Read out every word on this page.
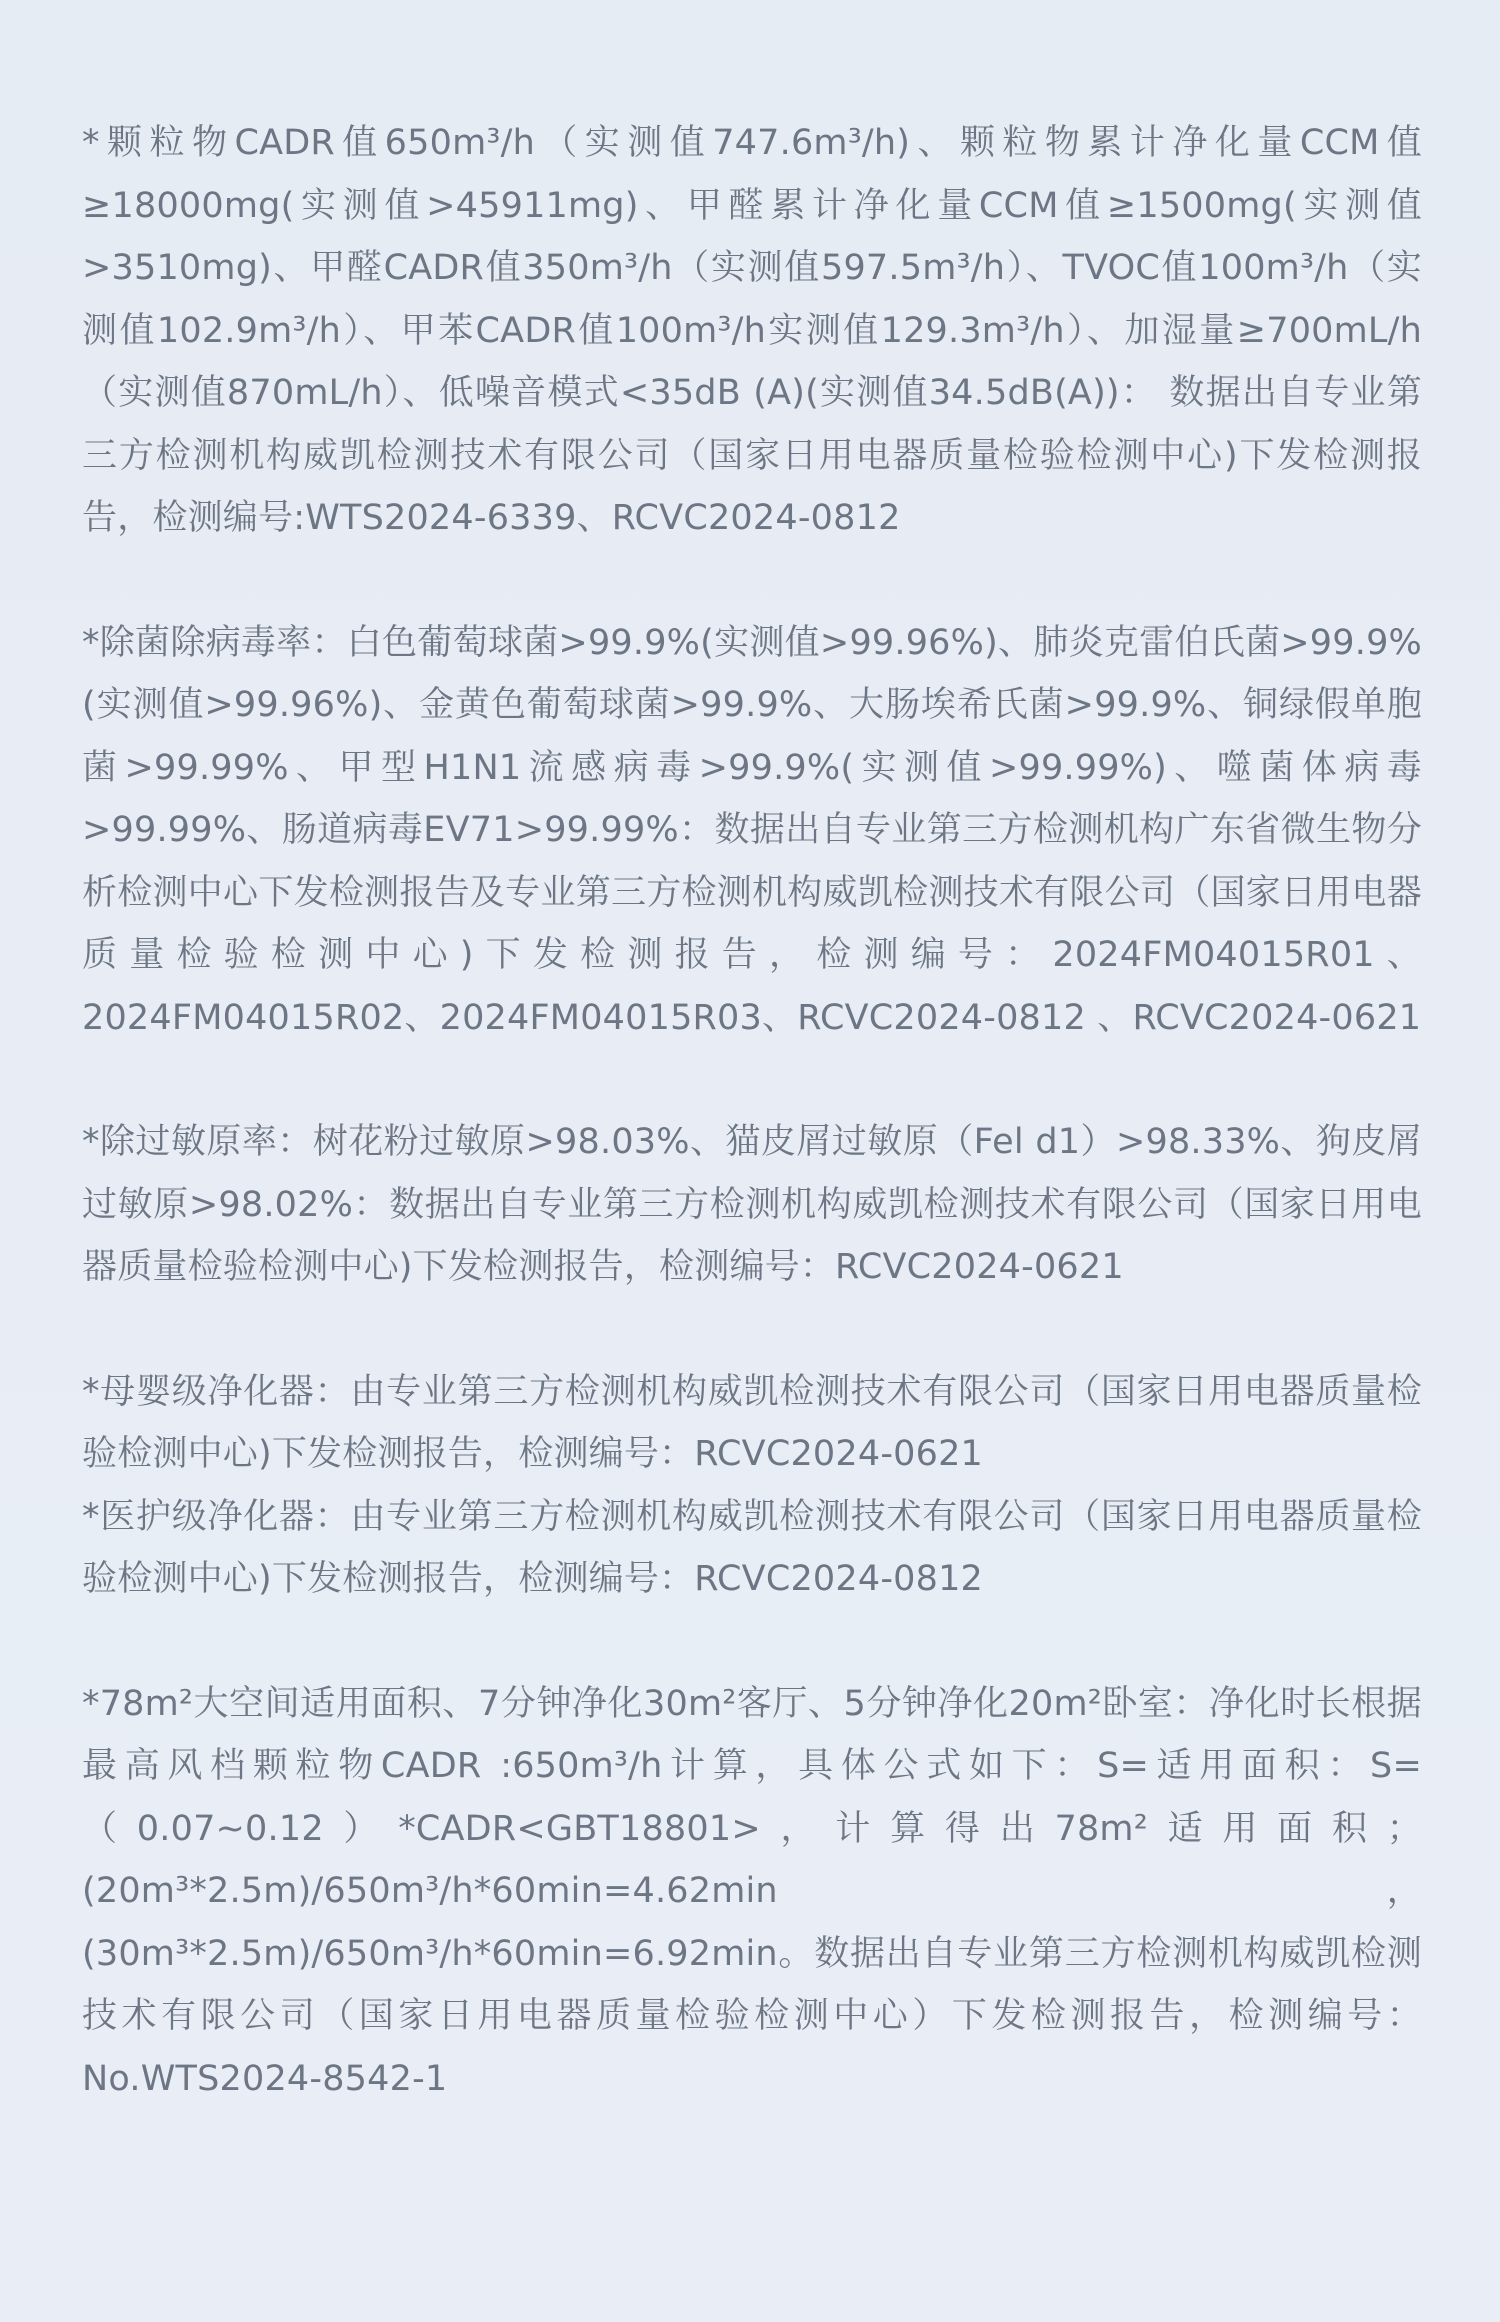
*颗粒物CADR值650m³/h（实测值747.6m³/h)、颗粒物累计净化量CCM值≥18000mg(实测值>45911mg)、甲醛累计净化量CCM值≥1500mg(实测值>3510mg)、甲醛CADR值350m³/h（实测值597.5m³/h）、TVOC值100m³/h（实测值102.9m³/h）、甲苯CADR值100m³/h实测值129.3m³/h）、加湿量≥700mL/h（实测值870mL/h）、低噪音模式<35dB (A)(实测值34.5dB(A))： 数据出自专业第三方检测机构威凯检测技术有限公司（国家日用电器质量检验检测中心)下发检测报告，检测编号:WTS2024-6339、RCVC2024-0812

*除菌除病毒率：白色葡萄球菌>99.9%(实测值>99.96%)、肺炎克雷伯氏菌>99.9%(实测值>99.96%)、金黄色葡萄球菌>99.9%、大肠埃希氏菌>99.9%、铜绿假单胞菌>99.99%、甲型H1N1流感病毒>99.9%(实测值>99.99%)、噬菌体病毒>99.99%、肠道病毒EV71>99.99%：数据出自专业第三方检测机构广东省微生物分析检测中心下发检测报告及专业第三方检测机构威凯检测技术有限公司（国家日用电器质量检验检测中心)下发检测报告，检测编号：2024FM04015R01、2024FM04015R02、2024FM04015R03、RCVC2024-0812 、RCVC2024-0621

*除过敏原率：树花粉过敏原>98.03%、猫皮屑过敏原（Fel d1）>98.33%、狗皮屑过敏原>98.02%：数据出自专业第三方检测机构威凯检测技术有限公司（国家日用电器质量检验检测中心)下发检测报告，检测编号：RCVC2024-0621

*母婴级净化器：由专业第三方检测机构威凯检测技术有限公司（国家日用电器质量检验检测中心)下发检测报告，检测编号：RCVC2024-0621

*医护级净化器：由专业第三方检测机构威凯检测技术有限公司（国家日用电器质量检验检测中心)下发检测报告，检测编号：RCVC2024-0812

*78m²大空间适用面积、7分钟净化30m²客厅、5分钟净化20m²卧室：净化时长根据最高风档颗粒物CADR :650m³/h计算，具体公式如下：S=适用面积：S=（0.07~0.12）*CADR<GBT18801>，计算得出78m²适用面积；(20m³*2.5m)/650m³/h*60min=4.62min，(30m³*2.5m)/650m³/h*60min=6.92min。数据出自专业第三方检测机构威凯检测技术有限公司（国家日用电器质量检验检测中心）下发检测报告，检测编号：No.WTS2024-8542-1
